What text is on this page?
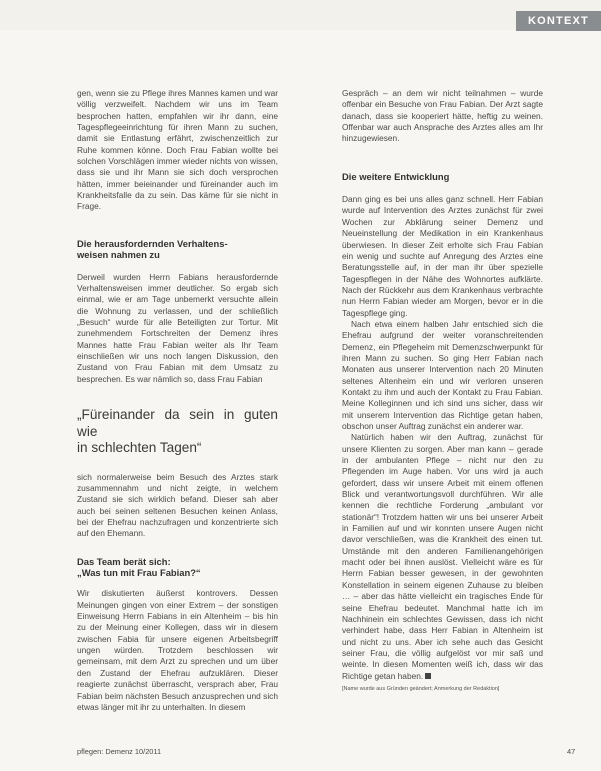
KONTEXT

gen, wenn sie zu Pflege ihres Mannes kamen und war völlig verzweifelt. Nachdem wir uns im Team besprochen hatten, empfahlen wir ihr dann, eine Tagespflegeeinrichtung für ihren Mann zu suchen, damit sie Entlastung erfährt, zwischenzeitlich zur Ruhe kommen könne. Doch Frau Fabian wollte bei solchen Vorschlägen immer wieder nichts von wissen, dass sie und ihr Mann sie sich doch versprochen hätten, immer beieinander und füreinander auch im Krankheitsfalle da zu sein. Das käme für sie nicht in Frage.

Die herausfordernden Verhaltens-
weisen nahmen zu

Derweil wurden Herrn Fabians herausfordernde Verhaltensweisen immer deutlicher. So ergab sich einmal, wie er am Tage unbemerkt versuchte allein die Wohnung zu verlassen, und der schließlich „Besuch“ wurde für alle Beteiligten zur Tortur. Mit zunehmendem Fortschreiten der Demenz ihres Mannes hatte Frau Fabian weiter als Ihr Team einschließen wir uns noch langen Diskussion, den Zustand von Frau Fabian mit dem Umsatz zu besprechen. Es war nämlich so, dass Frau Fabian

„Füreinander da sein in guten wie
in schlechten Tagen“

sich normalerweise beim Besuch des Arztes stark zusammennahm und nicht zeigte, in welchem Zustand sie sich wirklich befand. Dieser sah aber auch bei seinen seltenen Besuchen keinen Anlass, bei der Ehefrau nachzufragen und konzentrierte sich auf den Ehemann.

Das Team berät sich:
„Was tun mit Frau Fabian?“

Wir diskutierten äußerst kontrovers. Dessen Meinungen gingen von einer Extrem – der sonstigen Einweisung Herrn Fabians in ein Altenheim – bis hin zu der Meinung einer Kollegen, dass wir in diesem zwischen Fabia für unsere eigenen Arbeitsbegriff ungen würden. Trotzdem beschlossen wir gemeinsam, mit dem Arzt zu sprechen und um über den Zustand der Ehefrau aufzuklären. Dieser reagierte zunächst überrascht, versprach aber, Frau Fabian beim nächsten Besuch anzusprechen und sich etwas länger mit ihr zu unterhalten. In diesem

Gespräch – an dem wir nicht teilnahmen – wurde offenbar ein Besuche von Frau Fabian. Der Arzt sagte danach, dass sie kooperiert hätte, heftig zu weinen. Offenbar war auch Ansprache des Arztes alles am Ihr hinzugewiesen.

Die weitere Entwicklung

Dann ging es bei uns alles ganz schnell. Herr Fabian wurde auf Intervention des Arztes zunächst für zwei Wochen zur Abklärung seiner Demenz und Neueinstellung der Medikation in ein Krankenhaus überwiesen. In dieser Zeit erholte sich Frau Fabian ein wenig und suchte auf Anregung des Arztes eine Beratungsstelle auf, in der man ihr über spezielle Tagespflegen in der Nähe des Wohnortes aufklärte. Nach der Rückkehr aus dem Krankenhaus verbrachte nun Herrn Fabian wieder am Morgen, bevor er in die Tagespflege ging.

Nach etwa einem halben Jahr entschied sich die Ehefrau aufgrund der weiter voranschreitenden Demenz, ein Pflegeheim mit Demenzschwerpunkt für ihren Mann zu suchen. So ging Herr Fabian nach Monaten aus unserer Intervention nach 20 Minuten seltenes Altenheim ein und wir verloren unseren Kontakt zu ihm und auch der Kontakt zu Frau Fabian. Meine Kolleginnen und ich sind uns sicher, dass wir mit unserem Intervention das Richtige getan haben, obschon unser Auftrag zunächst ein anderer war.

Natürlich haben wir den Auftrag, zunächst für unsere Klienten zu sorgen. Aber man kann – gerade in der ambulanten Pflege – nicht nur den zu Pflegenden im Auge haben. Vor uns wird ja auch gefordert, dass wir unsere Arbeit mit einem offenen Blick und verantwortungsvoll durchführen. Wir alle kennen die rechtliche Forderung „ambulant vor stationär“! Trotzdem hatten wir uns bei unserer Arbeit in Familien auf und wir konnten unsere Augen nicht davor verschließen, was die Krankheit des einen tut. Umstände mit den anderen Familienangehörigen macht oder bei ihnen auslöst. Vielleicht wäre es für Herrn Fabian besser gewesen, in der gewohnten Konstellation in seinem eigenen Zuhause zu bleiben … – aber das hätte vielleicht ein tragisches Ende für seine Ehefrau bedeutet. Manchmal hatte ich im Nachhinein ein schlechtes Gewissen, dass ich nicht verhindert habe, dass Herr Fabian in Altenheim ist und nicht zu uns. Aber ich sehe auch das Gesicht seiner Frau, die völlig aufgelöst vor mir saß und weinte. In diesen Momenten weiß ich, dass wir das Richtige getan haben.

[Name wurde aus Gründen geändert; Anmerkung der Redaktion]

pflegen: Demenz 10/2011	47
